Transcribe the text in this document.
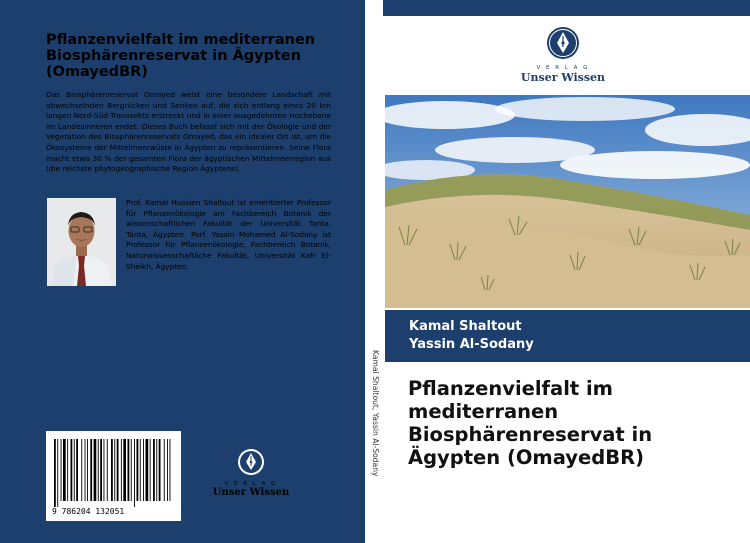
Pflanzenvielfalt im mediterranen Biosphärenreservat in Ägypten (OmayedBR)

Das Biosphärenreservat Omayed weist eine besondere Landschaft mit abwechselnden Bergrücken und Senken auf, die sich entlang eines 20 km langen Nord-Süd-Transsekts erstreckt und in einer ausgedehnten Hochebene im Landesinneren endet. Dieses Buch befasst sich mit der Ökologie und der Vegetation des Biosphärenreservats Omayed, das ein idealer Ort ist, um die Ökosysteme der Mittelmeerwüste in Ägypten zu repräsentieren. Seine Flora macht etwa 30 % der gesamten Flora der ägyptischen Mittelmeerregion aus (die reichste phytogeographische Region Ägyptens).

Prof. Kamal Hussien Shaltout ist emeritierter Professor für Pflanzenökologie am Fachbereich Botanik der wissenschaftlichen Fakultät der Universität Tanta, Tanta, Ägypten. Porf. Yassin Mohamed Al-Sodany ist Professor für Pflanzenökologie, Fachbereich Botanik, Naturwissenschaftliche Fakultät, Universität Kafr El-Sheikh, Ägypten.

9 786204 132051
V E R L A G
Unser Wissen
Kamal Shaltout, Yassin Al-Sodany
V E R L A G
Unser Wissen
Kamal Shaltout
Yassin Al-Sodany
Pflanzenvielfalt im mediterranen Biosphärenreservat in Ägypten (OmayedBR)
